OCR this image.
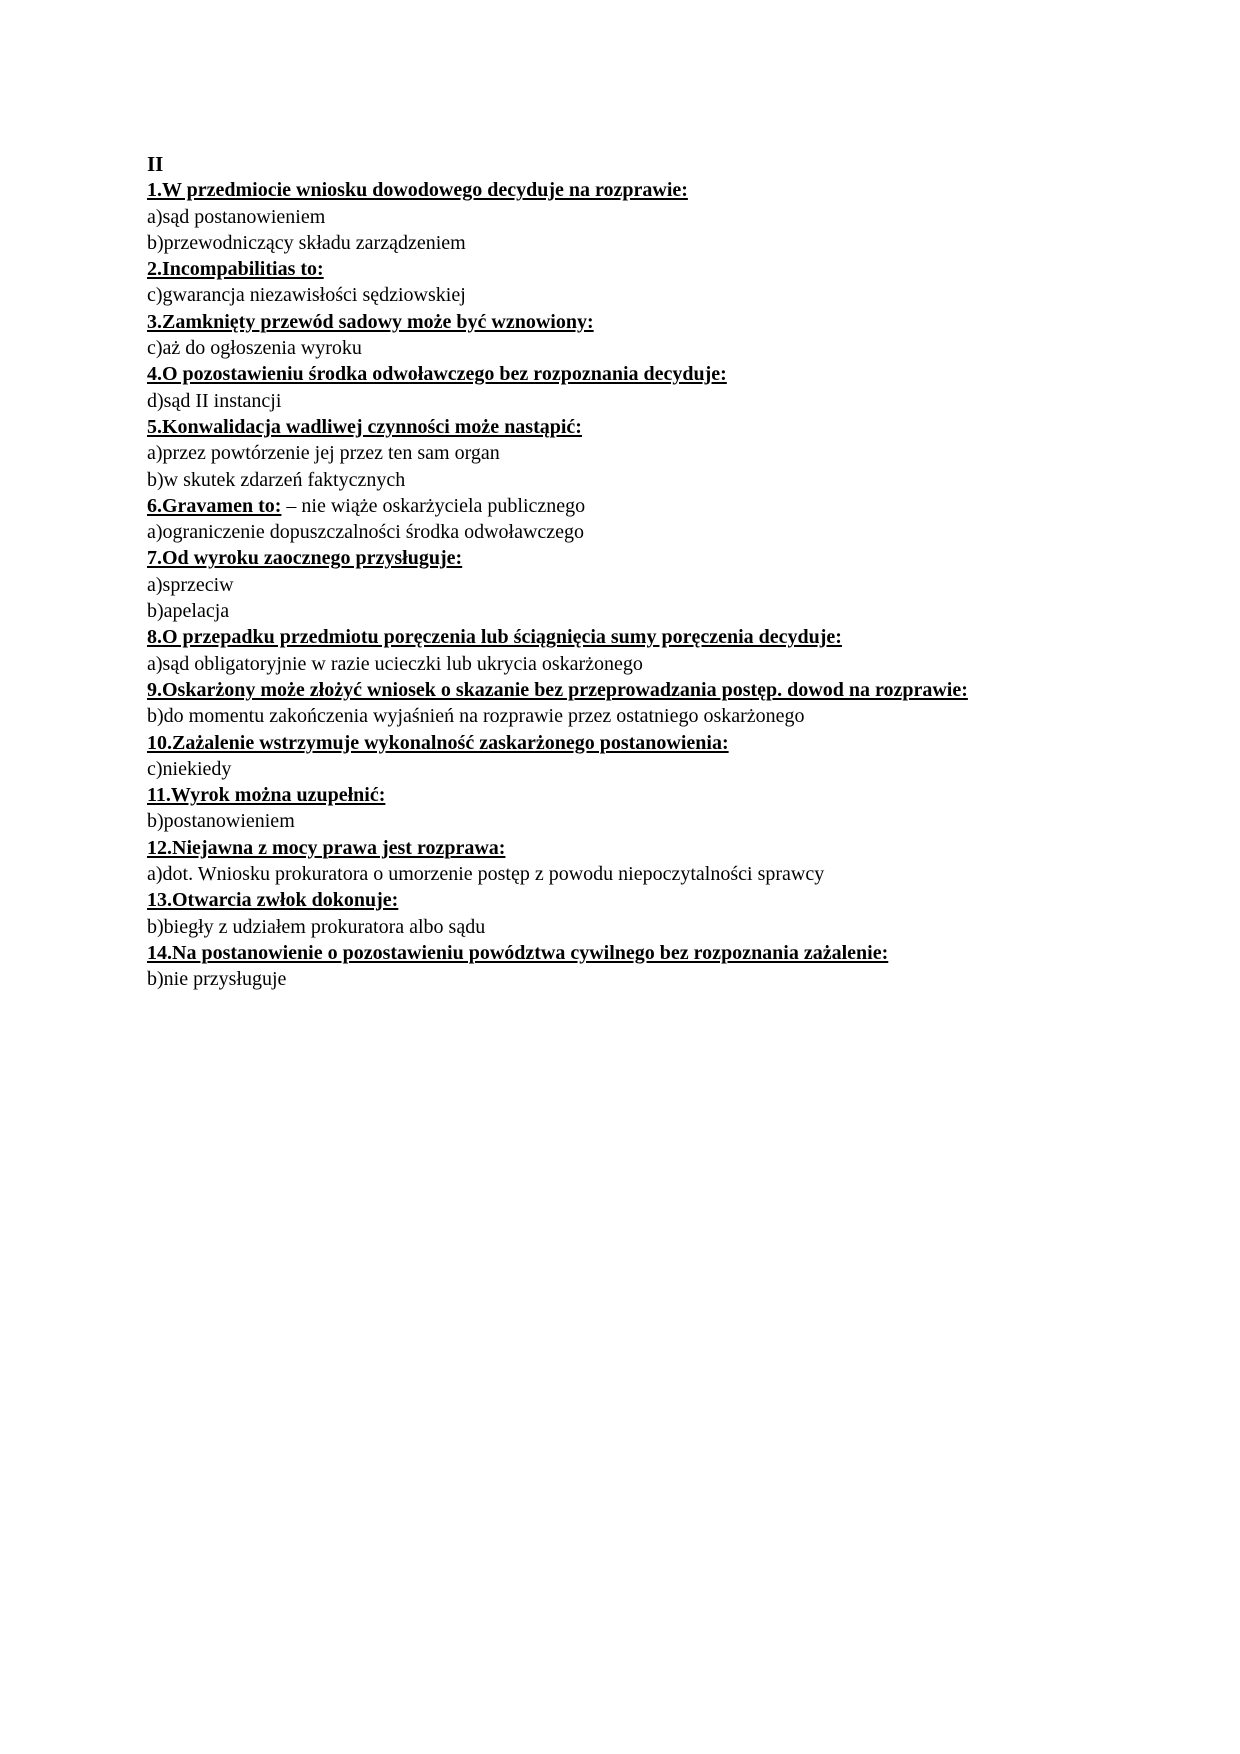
II
1.W przedmiocie wniosku dowodowego decyduje na rozprawie:
a)sąd postanowieniem
b)przewodniczący składu zarządzeniem
2.Incompabilitias to:
c)gwarancja niezawisłości sędziowskiej
3.Zamknięty przewód sadowy może być wznowiony:
c)aż do ogłoszenia wyroku
4.O pozostawieniu środka odwoławczego bez rozpoznania decyduje:
d)sąd II instancji
5.Konwalidacja wadliwej czynności może nastąpić:
a)przez powtórzenie jej przez ten sam organ
b)w skutek zdarzeń faktycznych
6.Gravamen to: – nie wiąże oskarżyciela publicznego
a)ograniczenie dopuszczalności środka odwoławczego
7.Od wyroku zaocznego przysługuje:
a)sprzeciw
b)apelacja
8.O przepadku przedmiotu poręczenia lub ściągnięcia sumy poręczenia decyduje:
a)sąd obligatoryjnie w razie ucieczki lub ukrycia oskarżonego
9.Oskarżony może złożyć wniosek o skazanie bez przeprowadzania postęp. dowod na rozprawie:
b)do momentu zakończenia wyjaśnień na rozprawie przez ostatniego oskarżonego
10.Zażalenie wstrzymuje wykonalność zaskarżonego postanowienia:
c)niekiedy
11.Wyrok można uzupełnić:
b)postanowieniem
12.Niejawna z mocy prawa jest rozprawa:
a)dot. Wniosku prokuratora o umorzenie postęp z powodu niepoczytalności sprawcy
13.Otwarcia zwłok dokonuje:
b)biegły z udziałem prokuratora albo sądu
14.Na postanowienie o pozostawieniu powództwa cywilnego bez rozpoznania zażalenie:
b)nie przysługuje
